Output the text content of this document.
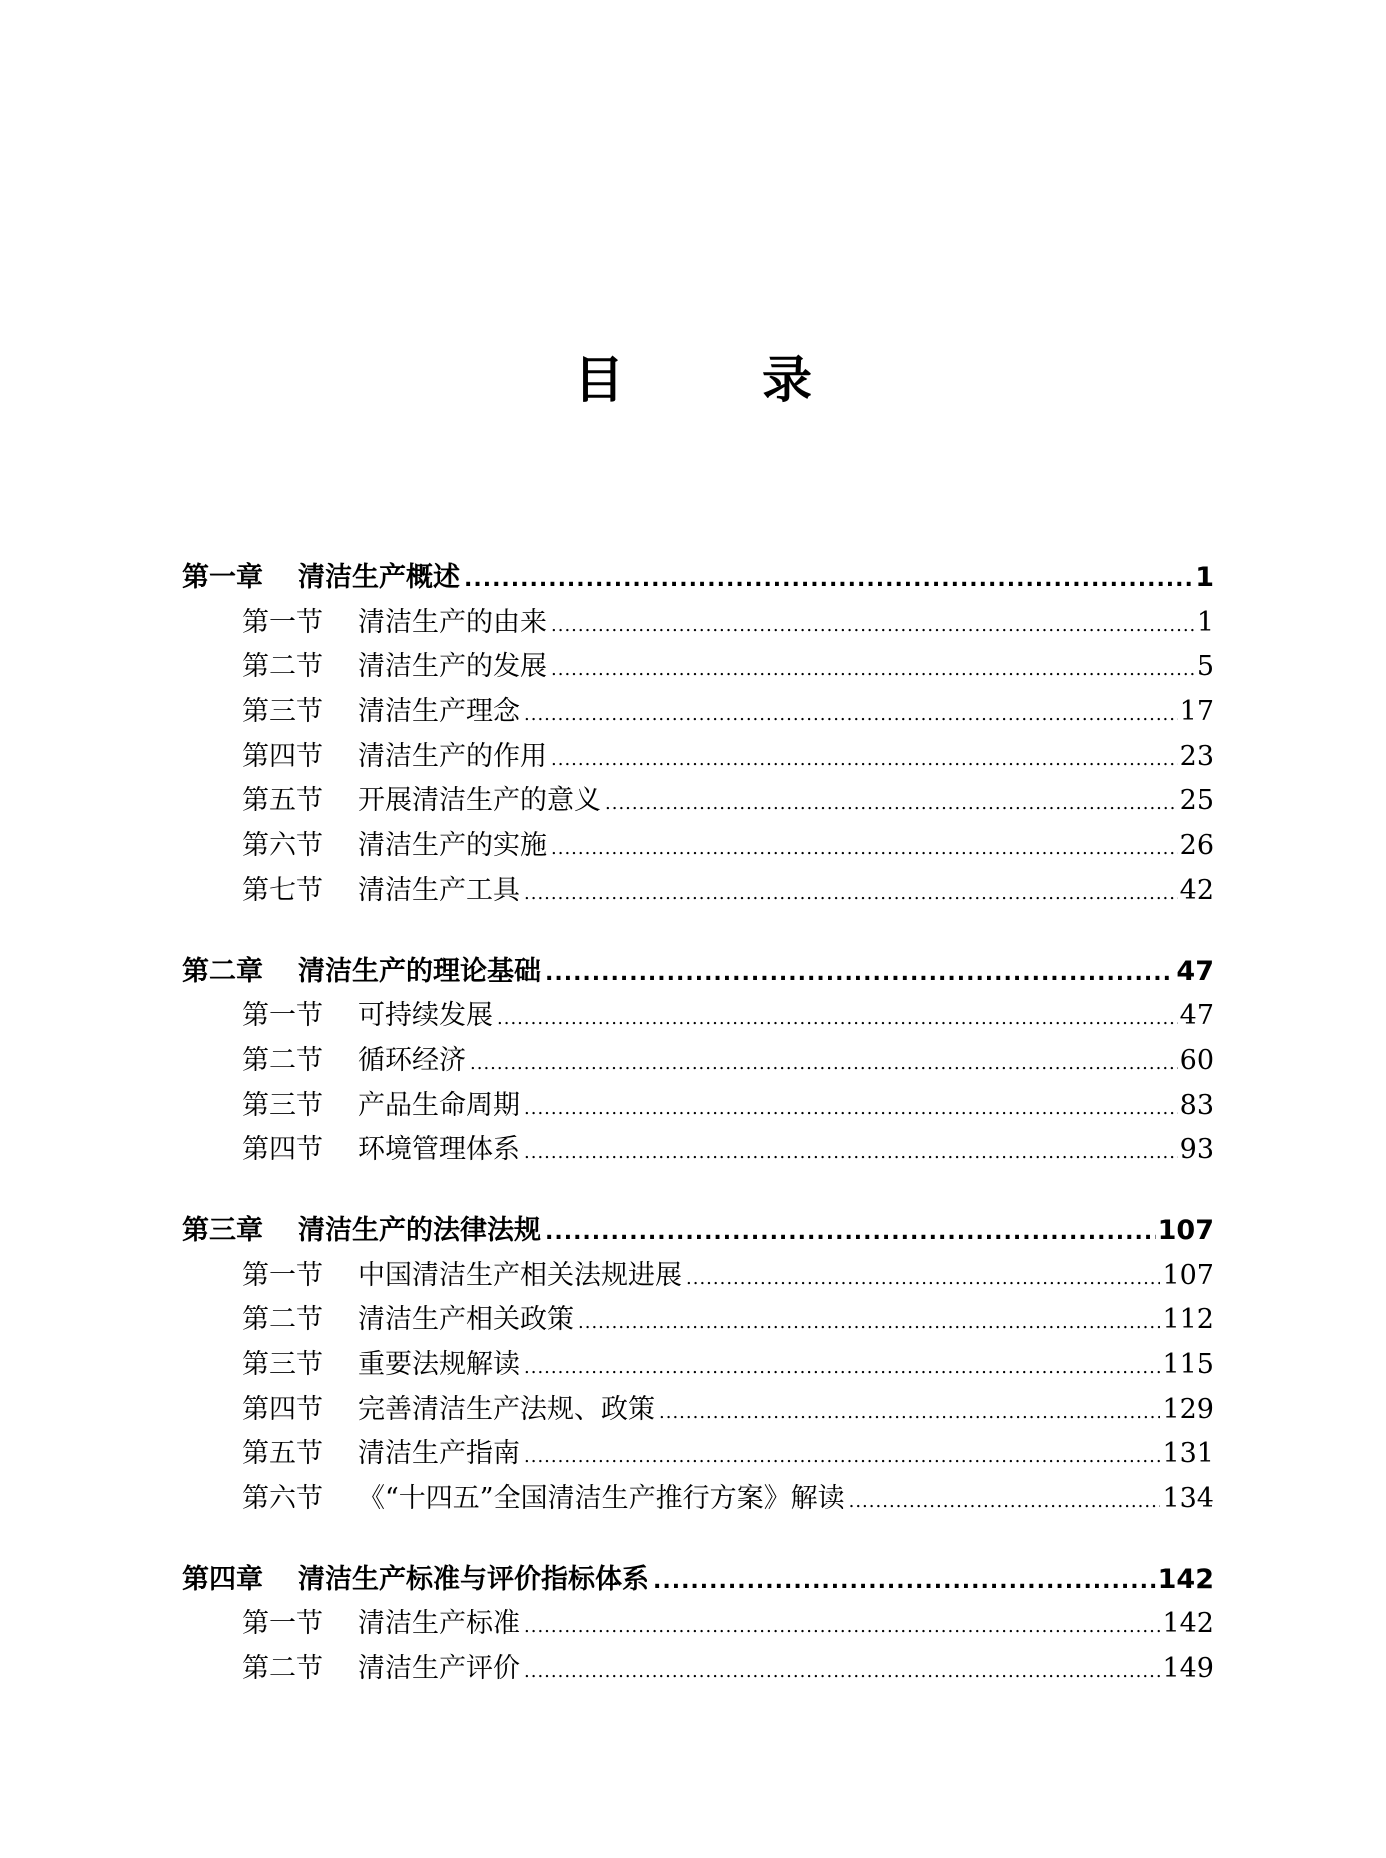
目　录
第一章	清洁生产概述 .....	1
第一节	清洁生产的由来 .....	1
第二节	清洁生产的发展 .....	5
第三节	清洁生产理念 .....	17
第四节	清洁生产的作用 .....	23
第五节	开展清洁生产的意义 .....	25
第六节	清洁生产的实施 .....	26
第七节	清洁生产工具 .....	42
第二章	清洁生产的理论基础 .....	47
第一节	可持续发展 .....	47
第二节	循环经济 .....	60
第三节	产品生命周期 .....	83
第四节	环境管理体系 .....	93
第三章	清洁生产的法律法规 .....	107
第一节	中国清洁生产相关法规进展 .....	107
第二节	清洁生产相关政策 .....	112
第三节	重要法规解读 .....	115
第四节	完善清洁生产法规、政策 .....	129
第五节	清洁生产指南 .....	131
第六节	《“十四五”全国清洁生产推行方案》解读 .....	134
第四章	清洁生产标准与评价指标体系 .....	142
第一节	清洁生产标准 .....	142
第二节	清洁生产评价 .....	149
